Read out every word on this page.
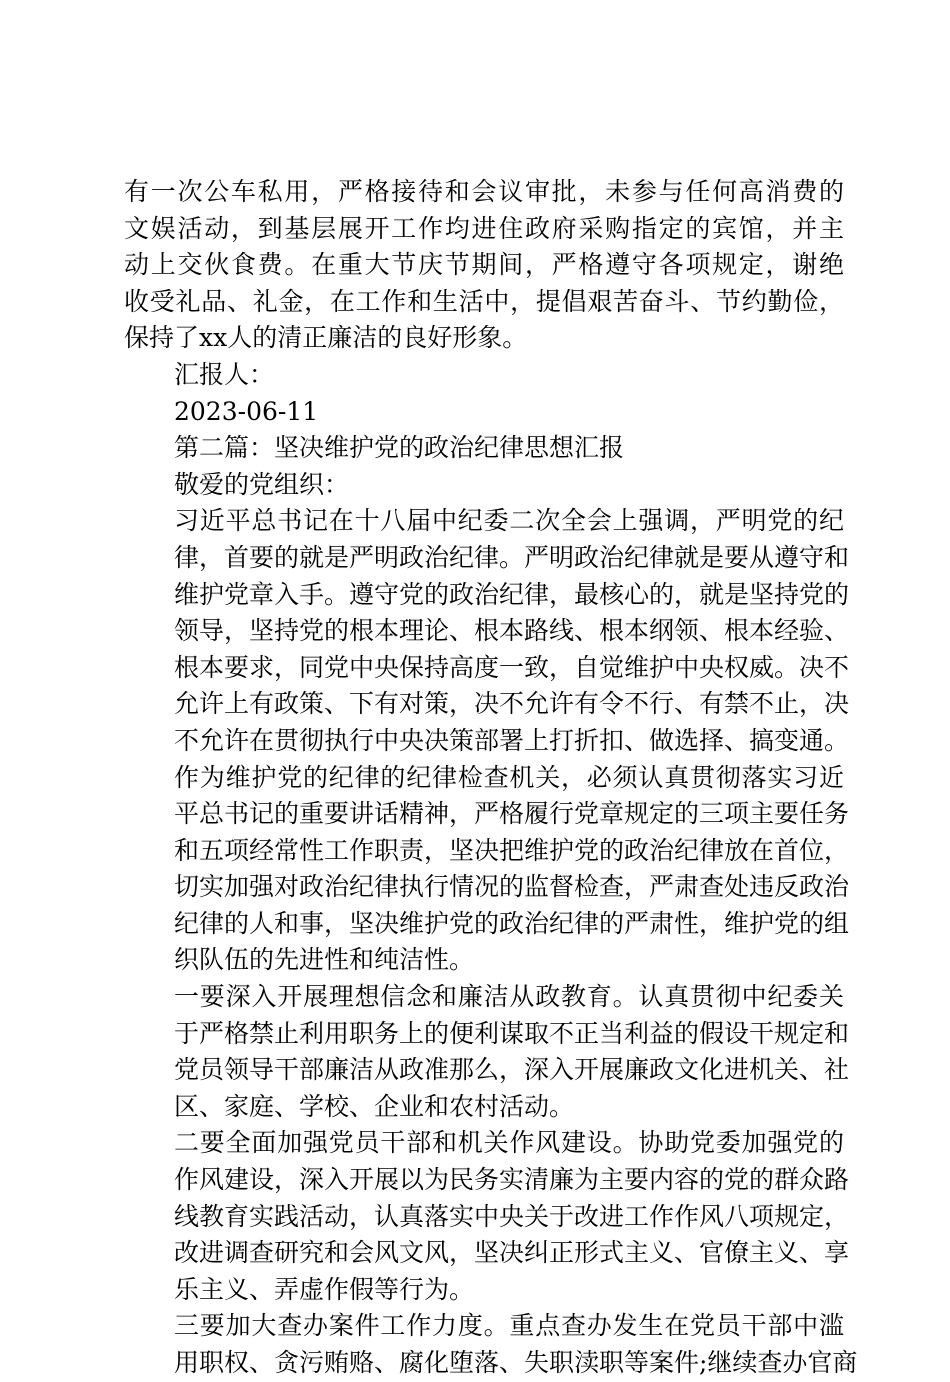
有一次公车私用，严格接待和会议审批，未参与任何高消费的
文娱活动，到基层展开工作均进住政府采购指定的宾馆，并主
动上交伙食费。在重大节庆节期间，严格遵守各项规定，谢绝
收受礼品、礼金，在工作和生活中，提倡艰苦奋斗、节约勤俭，
保持了xx人的清正廉洁的良好形象。
汇报人：
2023-06-11
第二篇：坚决维护党的政治纪律思想汇报
敬爱的党组织：
习近平总书记在十八届中纪委二次全会上强调，严明党的纪
律，首要的就是严明政治纪律。严明政治纪律就是要从遵守和
维护党章入手。遵守党的政治纪律，最核心的，就是坚持党的
领导，坚持党的根本理论、根本路线、根本纲领、根本经验、
根本要求，同党中央保持高度一致，自觉维护中央权威。决不
允许上有政策、下有对策，决不允许有令不行、有禁不止，决
不允许在贯彻执行中央决策部署上打折扣、做选择、搞变通。
作为维护党的纪律的纪律检查机关，必须认真贯彻落实习近
平总书记的重要讲话精神，严格履行党章规定的三项主要任务
和五项经常性工作职责，坚决把维护党的政治纪律放在首位，
切实加强对政治纪律执行情况的监督检查，严肃查处违反政治
纪律的人和事，坚决维护党的政治纪律的严肃性，维护党的组
织队伍的先进性和纯洁性。
一要深入开展理想信念和廉洁从政教育。认真贯彻中纪委关
于严格禁止利用职务上的便利谋取不正当利益的假设干规定和
党员领导干部廉洁从政准那么，深入开展廉政文化进机关、社
区、家庭、学校、企业和农村活动。
二要全面加强党员干部和机关作风建设。协助党委加强党的
作风建设，深入开展以为民务实清廉为主要内容的党的群众路
线教育实践活动，认真落实中央关于改进工作作风八项规定，
改进调查研究和会风文风，坚决纠正形式主义、官僚主义、享
乐主义、弄虚作假等行为。
三要加大查办案件工作力度。重点查办发生在党员干部中滥
用职权、贪污贿赂、腐化堕落、失职渎职等案件;继续查办官商
